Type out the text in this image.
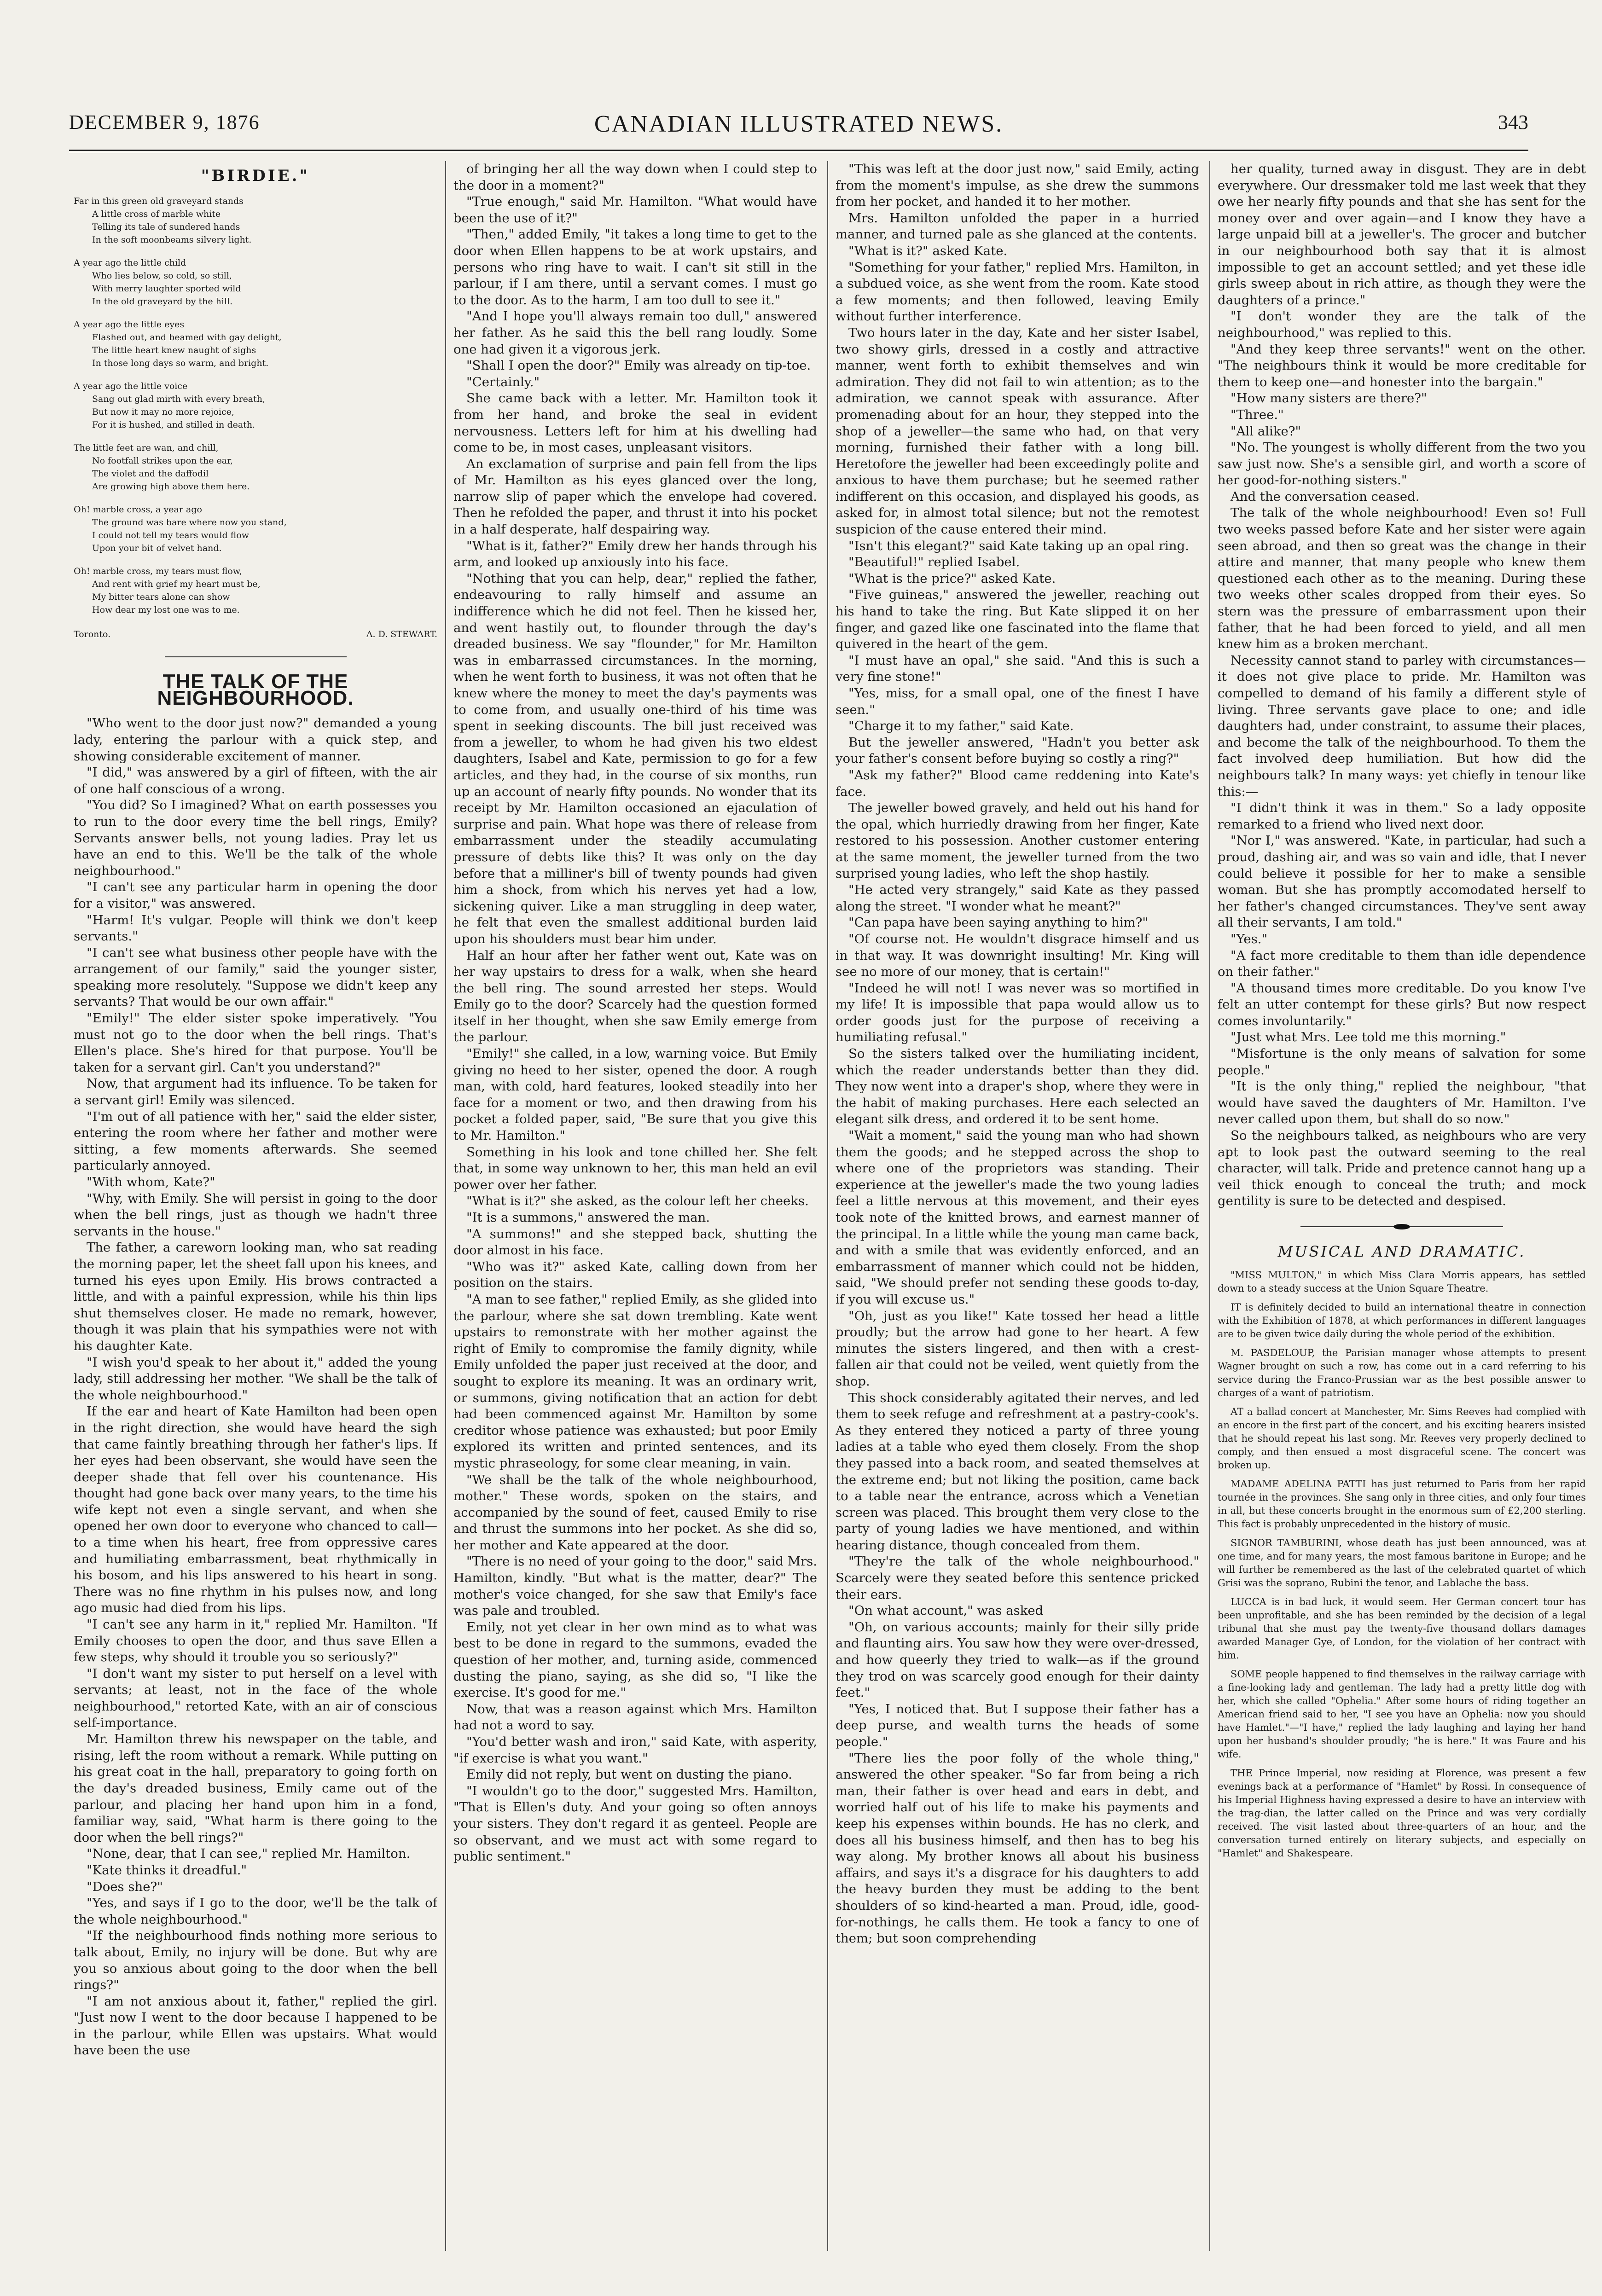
DECEMBER 9, 1876	CANADIAN ILLUSTRATED NEWS.	343
"BIRDIE."
Far in this green old graveyard stands
A little cross of marble white
Telling its tale of sundered hands
In the soft moonbeams silvery light.
A year ago the little child
Who lies below, so cold, so still,
With merry laughter sported wild
In the old graveyard by the hill.
A year ago the little eyes
Flashed out, and beamed with gay delight,
The little heart knew naught of sighs
In those long days so warm, and bright.
A year ago the little voice
Sang out glad mirth with every breath,
But now it may no more rejoice,
For it is hushed, and stilled in death.
The little feet are wan, and chill,
No footfall strikes upon the ear,
The violet and the daffodil
Are growing high above them here.
Oh! marble cross, a year ago
The ground was bare where now you stand,
I could not tell my tears would flow
Upon your bit of velvet hand.
Oh! marble cross, my tears must flow,
And rent with grief my heart must be,
My bitter tears alone can show
How dear my lost one was to me.
Toronto.	A. D. STEWART.
THE TALK OF THE NEIGHBOURHOOD.

"Who went to the door just now?" demanded a young lady, entering the parlour with a quick step, and showing considerable excitement of manner.

"I did," was answered by a girl of fifteen, with the air of one half conscious of a wrong.

"You did? So I imagined? What on earth possesses you to run to the door every time the bell rings, Emily? Servants answer bells, not young ladies. Pray let us have an end to this. We'll be the talk of the whole neighbourhood."

"I can't see any particular harm in opening the door for a visitor," was answered.

"Harm! It's vulgar. People will think we don't keep servants."

"I can't see what business other people have with the arrangement of our family," said the younger sister, speaking more resolutely. "Suppose we didn't keep any servants? That would be our own affair."

"Emily!" The elder sister spoke imperatively. "You must not go to the door when the bell rings. That's Ellen's place. She's hired for that purpose. You'll be taken for a servant girl. Can't you understand?"

Now, that argument had its influence. To be taken for a servant girl! Emily was silenced.

"I'm out of all patience with her," said the elder sister, entering the room where her father and mother were sitting, a few moments afterwards. She seemed particularly annoyed.

"With whom, Kate?"

"Why, with Emily. She will persist in going to the door when the bell rings, just as though we hadn't three servants in the house."

The father, a careworn looking man, who sat reading the morning paper, let the sheet fall upon his knees, and turned his eyes upon Emily. His brows contracted a little, and with a painful expression, while his thin lips shut themselves closer. He made no remark, however, though it was plain that his sympathies were not with his daughter Kate.

"I wish you'd speak to her about it," added the young lady, still addressing her mother. "We shall be the talk of the whole neighbourhood."

If the ear and heart of Kate Hamilton had been open in the right direction, she would have heard the sigh that came faintly breathing through her father's lips. If her eyes had been observant, she would have seen the deeper shade that fell over his countenance. His thought had gone back over many years, to the time his wife kept not even a single servant, and when she opened her own door to everyone who chanced to call—to a time when his heart, free from oppressive cares and humiliating embarrassment, beat rhythmically in his bosom, and his lips answered to his heart in song. There was no fine rhythm in his pulses now, and long ago music had died from his lips.

"I can't see any harm in it," replied Mr. Hamilton. "If Emily chooses to open the door, and thus save Ellen a few steps, why should it trouble you so seriously?"

"I don't want my sister to put herself on a level with servants; at least, not in the face of the whole neighbourhood," retorted Kate, with an air of conscious self-importance.

Mr. Hamilton threw his newspaper on the table, and rising, left the room without a remark. While putting on his great coat in the hall, preparatory to going forth on the day's dreaded business, Emily came out of the parlour, and placing her hand upon him in a fond, familiar way, said, "What harm is there going to the door when the bell rings?"

"None, dear, that I can see," replied Mr. Hamilton.

"Kate thinks it dreadful."

"Does she?"

"Yes, and says if I go to the door, we'll be the talk of the whole neighbourhood."

"If the neighbourhood finds nothing more serious to talk about, Emily, no injury will be done. But why are you so anxious about going to the door when the bell rings?"

"I am not anxious about it, father," replied the girl. "Just now I went to the door because I happened to be in the parlour, while Ellen was upstairs. What would have been the use

of bringing her all the way down when I could step to the door in a moment?"

"True enough," said Mr. Hamilton. "What would have been the use of it?"

"Then," added Emily, "it takes a long time to get to the door when Ellen happens to be at work upstairs, and persons who ring have to wait. I can't sit still in the parlour, if I am there, until a servant comes. I must go to the door. As to the harm, I am too dull to see it."

"And I hope you'll always remain too dull," answered her father. As he said this the bell rang loudly. Some one had given it a vigorous jerk.

"Shall I open the door?" Emily was already on tip-toe.

"Certainly."

She came back with a letter. Mr. Hamilton took it from her hand, and broke the seal in evident nervousness. Letters left for him at his dwelling had come to be, in most cases, unpleasant visitors.

An exclamation of surprise and pain fell from the lips of Mr. Hamilton as his eyes glanced over the long, narrow slip of paper which the envelope had covered. Then he refolded the paper, and thrust it into his pocket in a half desperate, half despairing way.

"What is it, father?" Emily drew her hands through his arm, and looked up anxiously into his face.

"Nothing that you can help, dear," replied the father, endeavouring to rally himself and assume an indifference which he did not feel. Then he kissed her, and went hastily out, to flounder through the day's dreaded business. We say "flounder," for Mr. Hamilton was in embarrassed circumstances. In the morning, when he went forth to business, it was not often that he knew where the money to meet the day's payments was to come from, and usually one-third of his time was spent in seeking discounts. The bill just received was from a jeweller, to whom he had given his two eldest daughters, Isabel and Kate, permission to go for a few articles, and they had, in the course of six months, run up an account of nearly fifty pounds. No wonder that its receipt by Mr. Hamilton occasioned an ejaculation of surprise and pain. What hope was there of release from embarrassment under the steadily accumulating pressure of debts like this? It was only on the day before that a milliner's bill of twenty pounds had given him a shock, from which his nerves yet had a low, sickening quiver. Like a man struggling in deep water, he felt that even the smallest additional burden laid upon his shoulders must bear him under.

Half an hour after her father went out, Kate was on her way upstairs to dress for a walk, when she heard the bell ring. The sound arrested her steps. Would Emily go to the door? Scarcely had the question formed itself in her thought, when she saw Emily emerge from the parlour.

"Emily!" she called, in a low, warning voice. But Emily giving no heed to her sister, opened the door. A rough man, with cold, hard features, looked steadily into her face for a moment or two, and then drawing from his pocket a folded paper, said, "Be sure that you give this to Mr. Hamilton."

Something in his look and tone chilled her. She felt that, in some way unknown to her, this man held an evil power over her father.

"What is it?" she asked, as the colour left her cheeks.

"It is a summons," answered the man.

"A summons!" and she stepped back, shutting the door almost in his face.

"Who was it?" asked Kate, calling down from her position on the stairs.

"A man to see father," replied Emily, as she glided into the parlour, where she sat down trembling. Kate went upstairs to remonstrate with her mother against the right of Emily to compromise the family dignity, while Emily unfolded the paper just received at the door, and sought to explore its meaning. It was an ordinary writ, or summons, giving notification that an action for debt had been commenced against Mr. Hamilton by some creditor whose patience was exhausted; but poor Emily explored its written and printed sentences, and its mystic phraseology, for some clear meaning, in vain.

"We shall be the talk of the whole neighbourhood, mother." These words, spoken on the stairs, and accompanied by the sound of feet, caused Emily to rise and thrust the summons into her pocket. As she did so, her mother and Kate appeared at the door.

"There is no need of your going to the door," said Mrs. Hamilton, kindly. "But what is the matter, dear?" The mother's voice changed, for she saw that Emily's face was pale and troubled.

Emily, not yet clear in her own mind as to what was best to be done in regard to the summons, evaded the question of her mother, and, turning aside, commenced dusting the piano, saying, as she did so, "I like the exercise. It's good for me."

Now, that was a reason against which Mrs. Hamilton had not a word to say.

"You'd better wash and iron," said Kate, with asperity, "if exercise is what you want."

Emily did not reply, but went on dusting the piano.

"I wouldn't go to the door," suggested Mrs. Hamilton, "That is Ellen's duty. And your going so often annoys your sisters. They don't regard it as genteel. People are so observant, and we must act with some regard to public sentiment."

"This was left at the door just now," said Emily, acting from the moment's impulse, as she drew the summons from her pocket, and handed it to her mother.

Mrs. Hamilton unfolded the paper in a hurried manner, and turned pale as she glanced at the contents.

"What is it?" asked Kate.

"Something for your father," replied Mrs. Hamilton, in a subdued voice, as she went from the room. Kate stood a few moments; and then followed, leaving Emily without further interference.

Two hours later in the day, Kate and her sister Isabel, two showy girls, dressed in a costly and attractive manner, went forth to exhibit themselves and win admiration. They did not fail to win attention; as to the admiration, we cannot speak with assurance. After promenading about for an hour, they stepped into the shop of a jeweller—the same who had, on that very morning, furnished their father with a long bill. Heretofore the jeweller had been exceedingly polite and anxious to have them purchase; but he seemed rather indifferent on this occasion, and displayed his goods, as asked for, in almost total silence; but not the remotest suspicion of the cause entered their mind.

"Isn't this elegant?" said Kate taking up an opal ring.

"Beautiful!" replied Isabel.

"What is the price?" asked Kate.

"Five guineas," answered the jeweller, reaching out his hand to take the ring. But Kate slipped it on her finger, and gazed like one fascinated into the flame that quivered in the heart of the gem.

"I must have an opal," she said. "And this is such a very fine stone!"

"Yes, miss, for a small opal, one of the finest I have seen."

"Charge it to my father," said Kate.

But the jeweller answered, "Hadn't you better ask your father's consent before buying so costly a ring?"

"Ask my father?" Blood came reddening into Kate's face.

The jeweller bowed gravely, and held out his hand for the opal, which hurriedly drawing from her finger, Kate restored to his possession. Another customer entering at the same moment, the jeweller turned from the two surprised young ladies, who left the shop hastily.

"He acted very strangely," said Kate as they passed along the street. "I wonder what he meant?"

"Can papa have been saying anything to him?"

"Of course not. He wouldn't disgrace himself and us in that way. It was downright insulting! Mr. King will see no more of our money, that is certain!"

"Indeed he will not! I was never was so mortified in my life! It is impossible that papa would allow us to order goods just for the purpose of receiving a humiliating refusal."

So the sisters talked over the humiliating incident, which the reader understands better than they did. They now went into a draper's shop, where they were in the habit of making purchases. Here each selected an elegant silk dress, and ordered it to be sent home.

"Wait a moment," said the young man who had shown them the goods; and he stepped across the shop to where one of the proprietors was standing. Their experience at the jeweller's made the two young ladies feel a little nervous at this movement, and their eyes took note of the knitted brows, and earnest manner of the principal. In a little while the young man came back, and with a smile that was evidently enforced, and an embarrassment of manner which could not be hidden, said, "We should prefer not sending these goods to-day, if you will excuse us."

"Oh, just as you like!" Kate tossed her head a little proudly; but the arrow had gone to her heart. A few minutes the sisters lingered, and then with a crest-fallen air that could not be veiled, went quietly from the shop.

This shock considerably agitated their nerves, and led them to seek refuge and refreshment at a pastry-cook's. As they entered they noticed a party of three young ladies at a table who eyed them closely. From the shop they passed into a back room, and seated themselves at the extreme end; but not liking the position, came back to a table near the entrance, across which a Venetian screen was placed. This brought them very close to the party of young ladies we have mentioned, and within hearing distance, though concealed from them.

"They're the talk of the whole neighbourhood." Scarcely were they seated before this sentence pricked their ears.

"On what account," was asked

"Oh, on various accounts; mainly for their silly pride and flaunting airs. You saw how they were over-dressed, and how queerly they tried to walk—as if the ground they trod on was scarcely good enough for their dainty feet."

"Yes, I noticed that. But I suppose their father has a deep purse, and wealth turns the heads of some people."

"There lies the poor folly of the whole thing," answered the other speaker. "So far from being a rich man, their father is over head and ears in debt, and worried half out of his life to make his payments and keep his expenses within bounds. He has no clerk, and does all his business himself, and then has to beg his way along. My brother knows all about his business affairs, and says it's a disgrace for his daughters to add the heavy burden they must be adding to the bent shoulders of so kind-hearted a man. Proud, idle, good-for-nothings, he calls them. He took a fancy to one of them; but soon comprehending

her quality, turned away in disgust. They are in debt everywhere. Our dressmaker told me last week that they owe her nearly fifty pounds and that she has sent for the money over and over again—and I know they have a large unpaid bill at a jeweller's. The grocer and butcher in our neighbourhood both say that it is almost impossible to get an account settled; and yet these idle girls sweep about in rich attire, as though they were the daughters of a prince."

"I don't wonder they are the talk of the neighbourhood," was replied to this.

"And they keep three servants!" went on the other. "The neighbours think it would be more creditable for them to keep one—and honester into the bargain."

"How many sisters are there?"

"Three."

"All alike?"

"No. The youngest is wholly different from the two you saw just now. She's a sensible girl, and worth a score of her good-for-nothing sisters."

And the conversation ceased.

The talk of the whole neighbourhood! Even so! Full two weeks passed before Kate and her sister were again seen abroad, and then so great was the change in their attire and manner, that many people who knew them questioned each other as to the meaning. During these two weeks other scales dropped from their eyes. So stern was the pressure of embarrassment upon their father, that he had been forced to yield, and all men knew him as a broken merchant.

Necessity cannot stand to parley with circumstances—it does not give place to pride. Mr. Hamilton was compelled to demand of his family a different style of living. Three servants gave place to one; and idle daughters had, under constraint, to assume their places, and become the talk of the neighbourhood. To them the fact involved deep humiliation. But how did the neighbours talk? In many ways: yet chiefly in tenour like this:—

"I didn't think it was in them." So a lady opposite remarked to a friend who lived next door.

"Nor I," was answered. "Kate, in particular, had such a proud, dashing air, and was so vain and idle, that I never could believe it possible for her to make a sensible woman. But she has promptly accomodated herself to her father's changed circumstances. They've sent away all their servants, I am told."

"Yes."

"A fact more creditable to them than idle dependence on their father."

"A thousand times more creditable. Do you know I've felt an utter contempt for these girls? But now respect comes involuntarily."

"Just what Mrs. Lee told me this morning."

"Misfortune is the only means of salvation for some people."

"It is the only thing," replied the neighbour, "that would have saved the daughters of Mr. Hamilton. I've never called upon them, but shall do so now."

So the neighbours talked, as neighbours who are very apt to look past the outward seeming to the real character, will talk. Pride and pretence cannot hang up a veil thick enough to conceal the truth; and mock gentility is sure to be detected and despised.

MUSICAL AND DRAMATIC.

"MISS MULTON," in which Miss Clara Morris appears, has settled down to a steady success at the Union Square Theatre.

IT is definitely decided to build an international theatre in connection with the Exhibition of 1878, at which performances in different languages are to be given twice daily during the whole period of the exhibition.

M. PASDELOUP, the Parisian manager whose attempts to present Wagner brought on such a row, has come out in a card referring to his service during the Franco-Prussian war as the best possible answer to charges of a want of patriotism.

AT a ballad concert at Manchester, Mr. Sims Reeves had complied with an encore in the first part of the concert, and his exciting hearers insisted that he should repeat his last song. Mr. Reeves very properly declined to comply, and then ensued a most disgraceful scene. The concert was broken up.

MADAME ADELINA PATTI has just returned to Paris from her rapid tournée in the provinces. She sang only in three cities, and only four times in all, but these concerts brought in the enormous sum of £2,200 sterling. This fact is probably unprecedented in the history of music.

SIGNOR TAMBURINI, whose death has just been announced, was at one time, and for many years, the most famous baritone in Europe; and he will further be remembered as the last of the celebrated quartet of which Grisi was the soprano, Rubini the tenor, and Lablache the bass.

LUCCA is in bad luck, it would seem. Her German concert tour has been unprofitable, and she has been reminded by the decision of a legal tribunal that she must pay the twenty-five thousand dollars damages awarded Manager Gye, of London, for the violation of her contract with him.

SOME people happened to find themselves in the railway carriage with a fine-looking lady and gentleman. The lady had a pretty little dog with her, which she called "Ophelia." After some hours of riding together an American friend said to her, "I see you have an Ophelia: now you should have Hamlet."—"I have," replied the lady laughing and laying her hand upon her husband's shoulder proudly; "he is here." It was Faure and his wife.

THE Prince Imperial, now residing at Florence, was present a few evenings back at a performance of "Hamlet" by Rossi. In consequence of his Imperial Highness having expressed a desire to have an interview with the trag-dian, the latter called on the Prince and was very cordially received. The visit lasted about three-quarters of an hour, and the conversation turned entirely on literary subjects, and especially on "Hamlet" and Shakespeare.
